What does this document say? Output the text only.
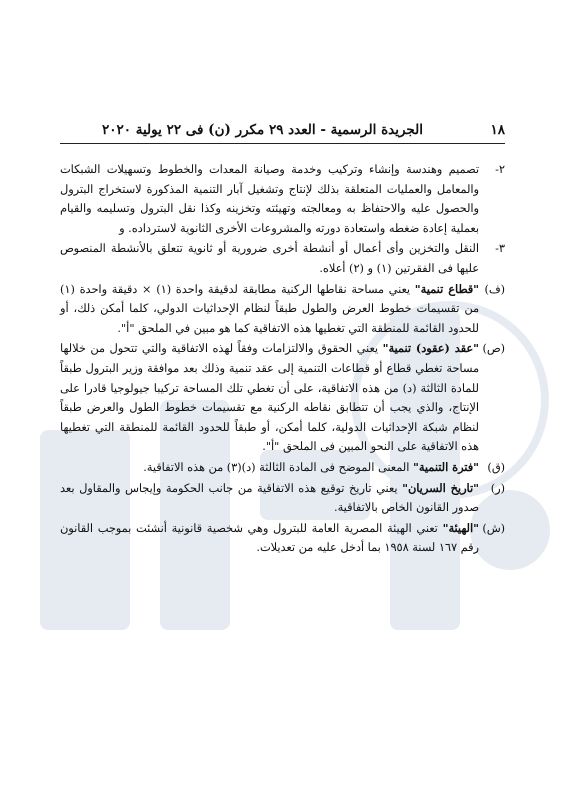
١٨
الجريدة الرسمية - العدد ٢٩ مكرر (ن) فى ٢٢ يولية ٢٠٢٠
٢-
تصميم وهندسة وإنشاء وتركيب وخدمة وصيانة المعدات والخطوط وتسهيلات الشبكات والمعامل والعمليات المتعلقة بذلك لإنتاج وتشغيل آبار التنمية المذكورة لاستخراج البترول والحصول عليه والاحتفاظ به ومعالجته وتهيئته وتخزينه وكذا نقل البترول وتسليمه والقيام بعملية إعادة ضغطه واستعادة دورته والمشروعات الأخرى الثانوية لاسترداده. و
٣-
النقل والتخزين وأى أعمال أو أنشطة أخرى ضرورية أو ثانوية تتعلق بالأنشطة المنصوص عليها فى الفقرتين (١) و (٢) أعلاه.
(ف)
"قطاع تنمية" يعني مساحة نقاطها الركنية مطابقة لدقيقة واحدة (١) × دقيقة واحدة (١) من تقسيمات خطوط العرض والطول طبقاً لنظام الإحداثيات الدولي، كلما أمكن ذلك، أو للحدود القائمة للمنطقة التي تغطيها هذه الاتفاقية كما هو مبين في الملحق "أ".
(ص)
"عقد (عقود) تنمية" يعني الحقوق والالتزامات وفقاً لهذه الاتفاقية والتي تتحول من خلالها مساحة تغطي قطاع أو قطاعات التنمية إلى عقد تنمية وذلك بعد موافقة وزير البترول طبقاً للمادة الثالثة (د) من هذه الاتفاقية، على أن تغطي تلك المساحة تركيبا جيولوجيا قادرا على الإنتاج، والذي يجب أن تتطابق نقاطه الركنية مع تقسيمات خطوط الطول والعرض طبقاً لنظام شبكة الإحداثيات الدولية، كلما أمكن، أو طبقاً للحدود القائمة للمنطقة التي تغطيها هذه الاتفاقية على النحو المبين فى الملحق "أ".
(ق)
"فترة التنمية" المعنى الموضح فى المادة الثالثة (د)(٣) من هذه الاتفاقية.
(ر)
"تاريخ السريان" يعني تاريخ توقيع هذه الاتفاقية من جانب الحكومة وإيجاس والمقاول بعد صدور القانون الخاص بالاتفاقية.
(ش)
"الهيئة" تعني الهيئة المصرية العامة للبترول وهي شخصية قانونية أنشئت بموجب القانون رقم ١٦٧ لسنة ١٩٥٨ بما أدخل عليه من تعديلات.
